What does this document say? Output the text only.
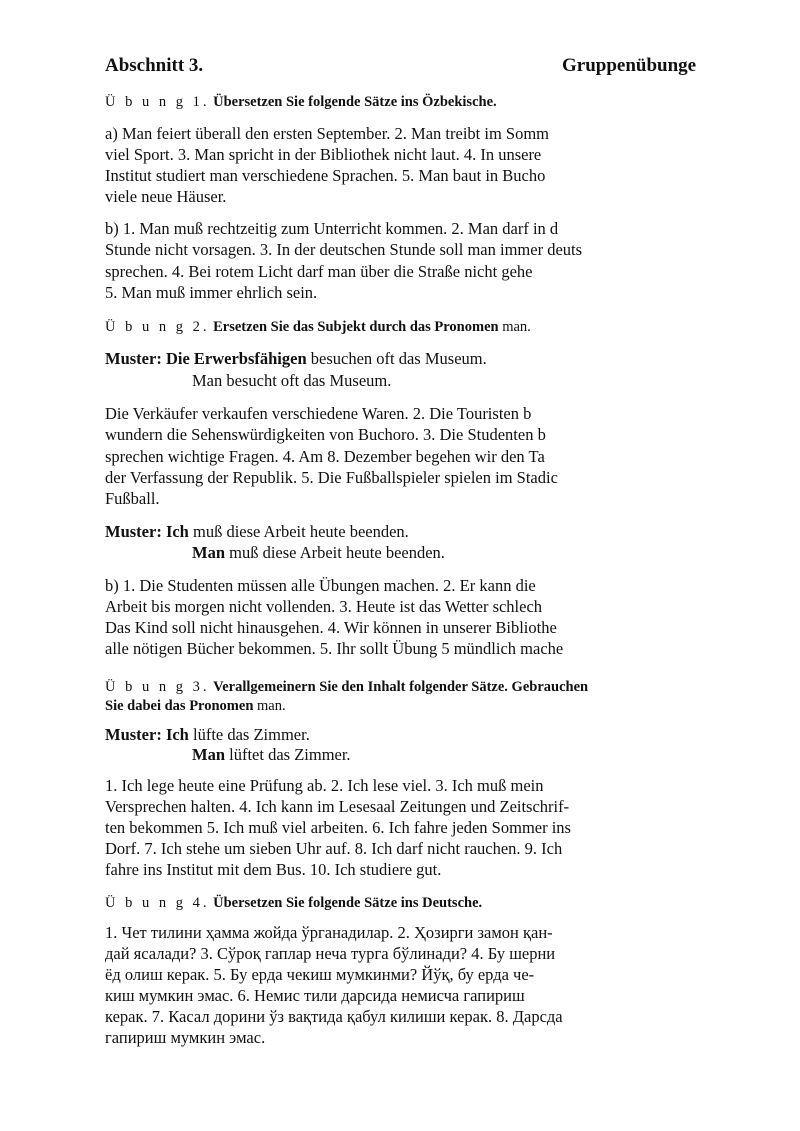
Abschnitt 3.	Gruppenübunge
Ü b u n g 1. Übersetzen Sie folgende Sätze ins Özbekische.
a) Man feiert überall den ersten September. 2. Man treibt im Somm
viel Sport. 3. Man spricht in der Bibliothek nicht laut. 4. In unsere
Institut studiert man verschiedene Sprachen. 5. Man baut in Bucho
viele neue Häuser.
b) 1. Man muß rechtzeitig zum Unterricht kommen. 2. Man darf in d
Stunde nicht vorsagen. 3. In der deutschen Stunde soll man immer deuts
sprechen. 4. Bei rotem Licht darf man über die Straße nicht gehe
5. Man muß immer ehrlich sein.
Ü b u n g 2. Ersetzen Sie das Subjekt durch das Pronomen man.
Muster: Die Erwerbsfähigen besuchen oft das Museum.
Man besucht oft das Museum.
Die Verkäufer verkaufen verschiedene Waren. 2. Die Touristen b
wundern die Sehenswürdigkeiten von Buchoro. 3. Die Studenten b
sprechen wichtige Fragen. 4. Am 8. Dezember begehen wir den Ta
der Verfassung der Republik. 5. Die Fußballspieler spielen im Stadic
Fußball.
Muster: Ich muß diese Arbeit heute beenden.
Man muß diese Arbeit heute beenden.
b) 1. Die Studenten müssen alle Übungen machen. 2. Er kann die
Arbeit bis morgen nicht vollenden. 3. Heute ist das Wetter schlech
Das Kind soll nicht hinausgehen. 4. Wir können in unserer Bibliothe
alle nötigen Bücher bekommen. 5. Ihr sollt Übung 5 mündlich mache
Ü b u n g 3. Verallgemeinern Sie den Inhalt folgender Sätze. Gebrauchen
Sie dabei das Pronomen man.
Muster: Ich lüfte das Zimmer.
Man lüftet das Zimmer.
1. Ich lege heute eine Prüfung ab. 2. Ich lese viel. 3. Ich muß mein
Versprechen halten. 4. Ich kann im Lesesaal Zeitungen und Zeitschrif-
ten bekommen 5. Ich muß viel arbeiten. 6. Ich fahre jeden Sommer ins
Dorf. 7. Ich stehe um sieben Uhr auf. 8. Ich darf nicht rauchen. 9. Ich
fahre ins Institut mit dem Bus. 10. Ich studiere gut.
Ü b u n g 4. Übersetzen Sie folgende Sätze ins Deutsche.
1. Чет тилини ҳамма жойда ўрганадилар. 2. Ҳозирги замон қан-
дай ясалади? 3. Сўроқ гаплар неча турга бўлинади? 4. Бу шерни
ёд олиш керак. 5. Бу ерда чекиш мумкинми? Йўқ, бу ерда че-
киш мумкин эмас. 6. Немис тили дарсида немисча гапириш
керак. 7. Касал дорини ўз вақтида қабул килиши керак. 8. Дарсда
гапириш мумкин эмас.
